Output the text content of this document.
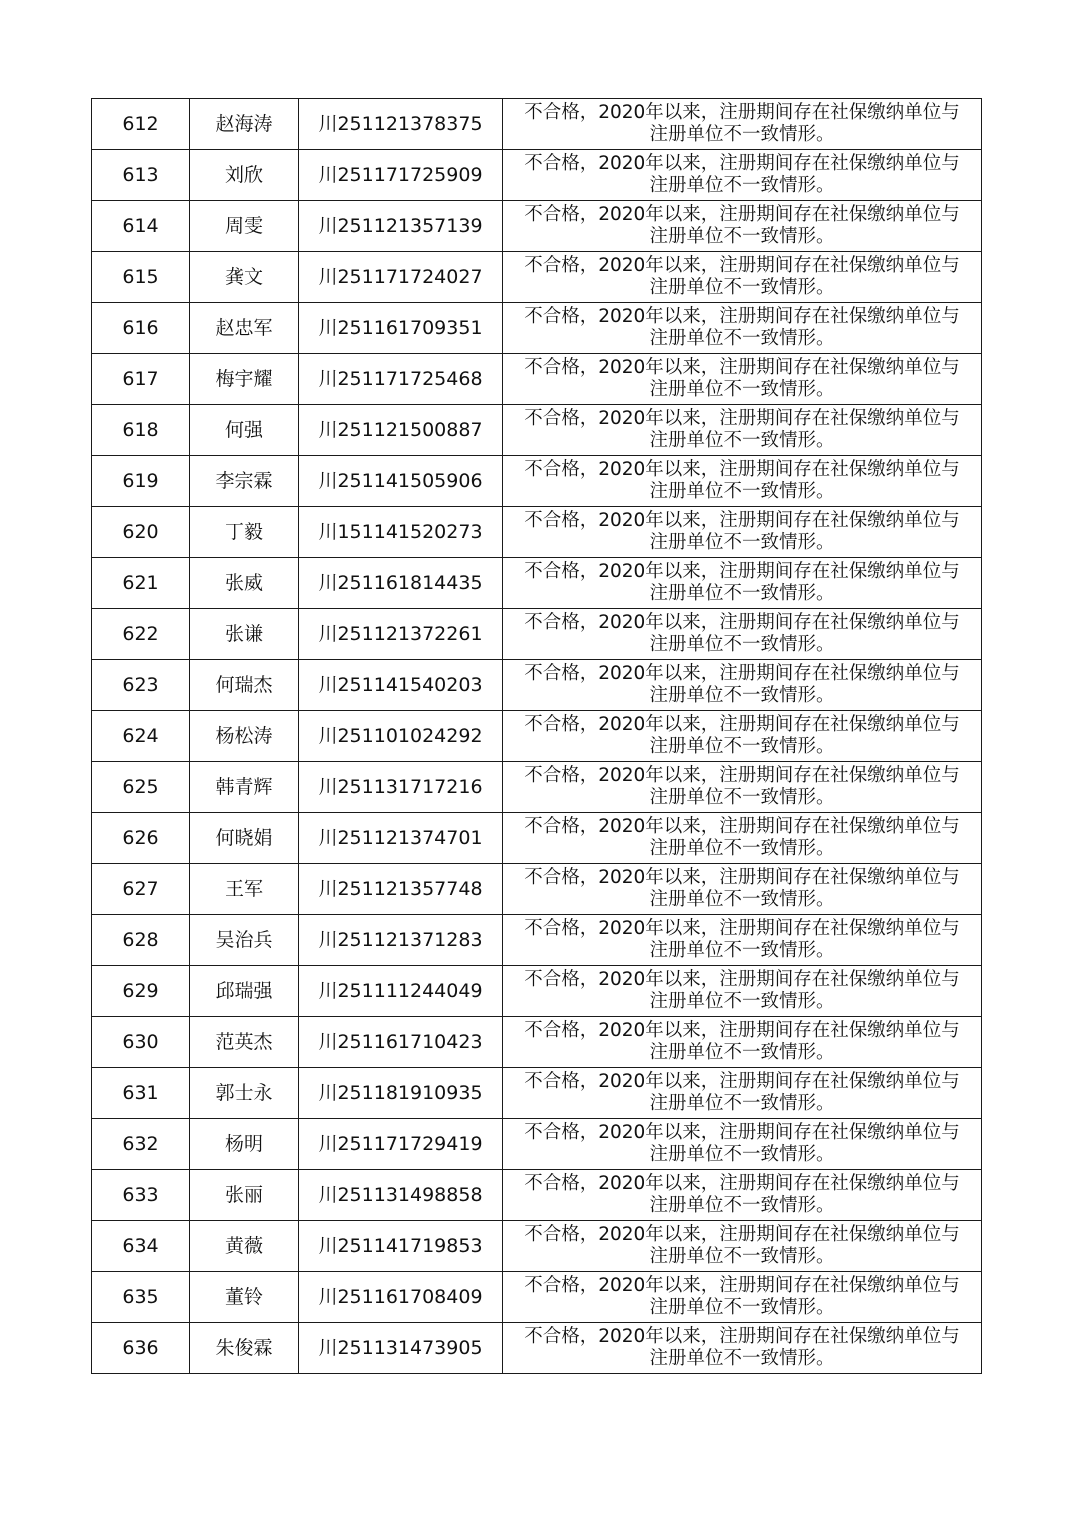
612	赵海涛	川251121378375	不合格，2020年以来，注册期间存在社保缴纳单位与
注册单位不一致情形。

613	刘欣	川251171725909	不合格，2020年以来，注册期间存在社保缴纳单位与
注册单位不一致情形。

614	周雯	川251121357139	不合格，2020年以来，注册期间存在社保缴纳单位与
注册单位不一致情形。

615	龚文	川251171724027	不合格，2020年以来，注册期间存在社保缴纳单位与
注册单位不一致情形。

616	赵忠军	川251161709351	不合格，2020年以来，注册期间存在社保缴纳单位与
注册单位不一致情形。

617	梅宇耀	川251171725468	不合格，2020年以来，注册期间存在社保缴纳单位与
注册单位不一致情形。

618	何强	川251121500887	不合格，2020年以来，注册期间存在社保缴纳单位与
注册单位不一致情形。

619	李宗霖	川251141505906	不合格，2020年以来，注册期间存在社保缴纳单位与
注册单位不一致情形。

620	丁毅	川151141520273	不合格，2020年以来，注册期间存在社保缴纳单位与
注册单位不一致情形。

621	张威	川251161814435	不合格，2020年以来，注册期间存在社保缴纳单位与
注册单位不一致情形。

622	张谦	川251121372261	不合格，2020年以来，注册期间存在社保缴纳单位与
注册单位不一致情形。

623	何瑞杰	川251141540203	不合格，2020年以来，注册期间存在社保缴纳单位与
注册单位不一致情形。

624	杨松涛	川251101024292	不合格，2020年以来，注册期间存在社保缴纳单位与
注册单位不一致情形。

625	韩青辉	川251131717216	不合格，2020年以来，注册期间存在社保缴纳单位与
注册单位不一致情形。

626	何晓娟	川251121374701	不合格，2020年以来，注册期间存在社保缴纳单位与
注册单位不一致情形。

627	王军	川251121357748	不合格，2020年以来，注册期间存在社保缴纳单位与
注册单位不一致情形。

628	吴治兵	川251121371283	不合格，2020年以来，注册期间存在社保缴纳单位与
注册单位不一致情形。

629	邱瑞强	川251111244049	不合格，2020年以来，注册期间存在社保缴纳单位与
注册单位不一致情形。

630	范英杰	川251161710423	不合格，2020年以来，注册期间存在社保缴纳单位与
注册单位不一致情形。

631	郭士永	川251181910935	不合格，2020年以来，注册期间存在社保缴纳单位与
注册单位不一致情形。

632	杨明	川251171729419	不合格，2020年以来，注册期间存在社保缴纳单位与
注册单位不一致情形。

633	张丽	川251131498858	不合格，2020年以来，注册期间存在社保缴纳单位与
注册单位不一致情形。

634	黄薇	川251141719853	不合格，2020年以来，注册期间存在社保缴纳单位与
注册单位不一致情形。

635	董铃	川251161708409	不合格，2020年以来，注册期间存在社保缴纳单位与
注册单位不一致情形。

636	朱俊霖	川251131473905	不合格，2020年以来，注册期间存在社保缴纳单位与
注册单位不一致情形。
